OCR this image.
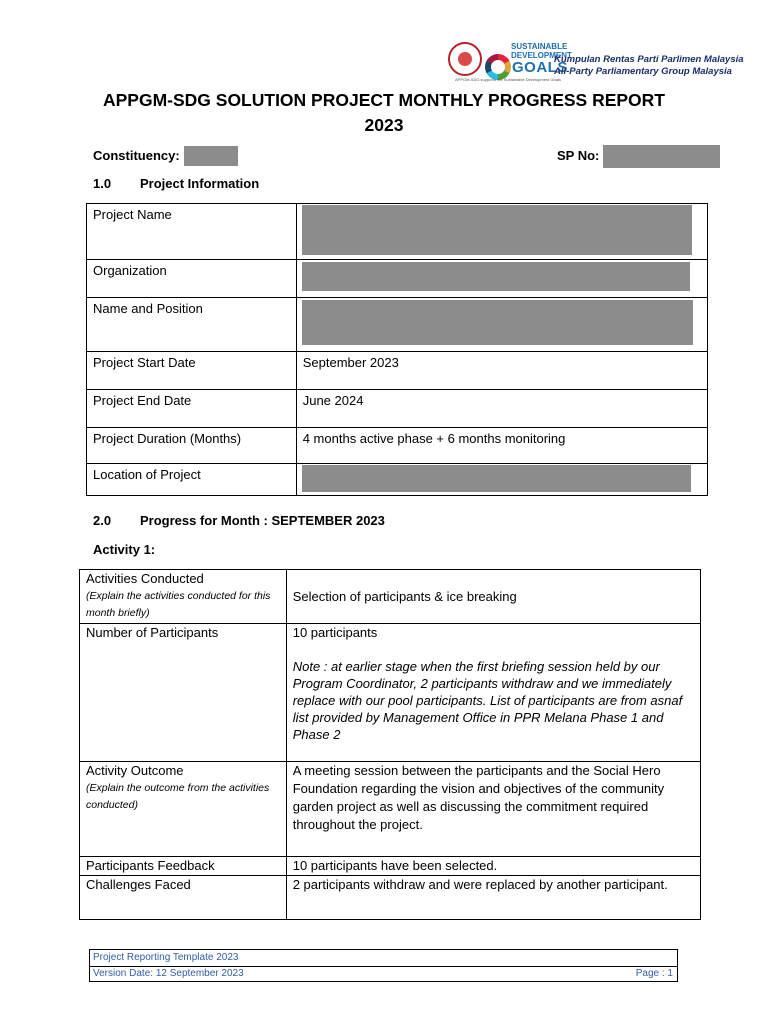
SUSTAINABLE
DEVELOPMENT
GOALS
APPGM-SDG supports the Sustainable Development Goals
Kumpulan Rentas Parti Parlimen Malaysia
All-Party Parliamentary Group Malaysia
APPGM-SDG SOLUTION PROJECT MONTHLY PROGRESS REPORT
2023
Constituency:	SP No:
1.0 Project Information
Project Name	

Organization	

Name and Position	

Project Start Date	September 2023
Project End Date	June 2024
Project Duration (Months)	4 months active phase + 6 months monitoring
Location of Project	
2.0 Progress for Month : SEPTEMBER 2023
Activity 1:
Activities Conducted
(Explain the activities conducted for this month briefly)	Selection of participants & ice breaking
Number of Participants	10 participants
Note : at earlier stage when the first briefing session held by our Program Coordinator, 2 participants withdraw and we immediately replace with our pool participants. List of participants are from asnaf list provided by Management Office in PPR Melana Phase 1 and Phase 2

Activity Outcome
(Explain the outcome from the activities conducted)	A meeting session between the participants and the Social Hero Foundation regarding the vision and objectives of the community garden project as well as discussing the commitment required throughout the project.
Participants Feedback	10 participants have been selected.
Challenges Faced	2 participants withdraw and were replaced by another participant.
Project Reporting Template 2023
Version Date: 12 September 2023	Page : 1
